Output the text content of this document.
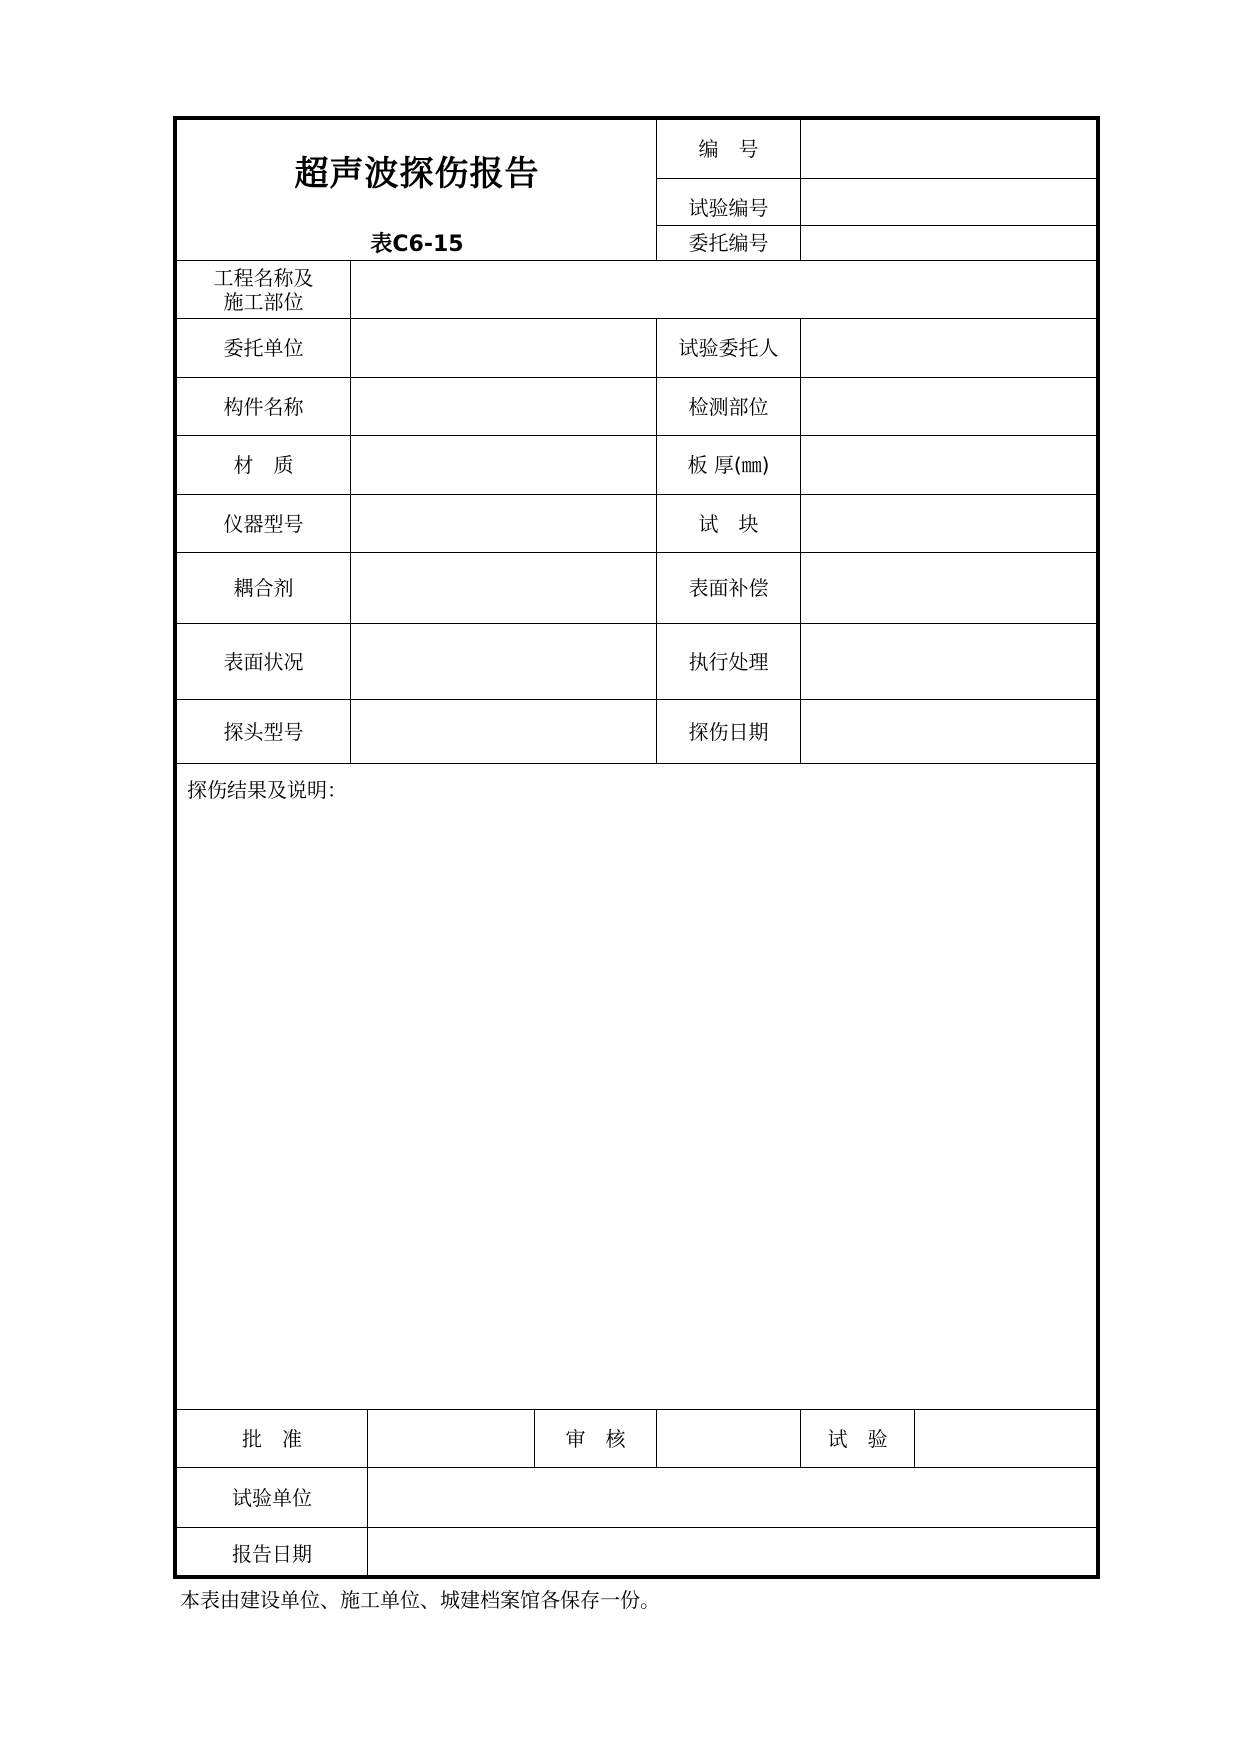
超声波探伤报告
表C6-15
编　号
试验编号
委托编号
工程名称及
施工部位
委托单位	试验委托人
构件名称	检测部位
材　质	板 厚(㎜)
仪器型号	试　块
耦合剂	表面补偿
表面状况	执行处理
探头型号	探伤日期
探伤结果及说明：
批　准	审　核	试　验
试验单位
报告日期
本表由建设单位、施工单位、城建档案馆各保存一份。
